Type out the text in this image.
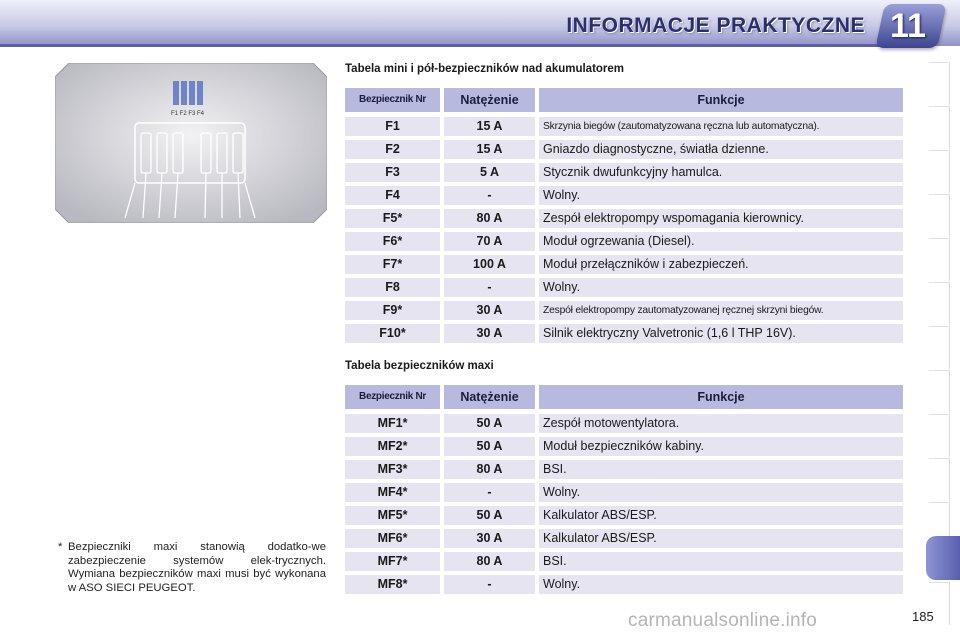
INFORMACJE PRAKTYCZNE 11
F1 F2 F3 F4
Tabela mini i pół-bezpieczników nad akumulatorem
Bezpiecznik Nr	Natężenie	Funkcje
F1	15 A	Skrzynia biegów (zautomatyzowana ręczna lub automatyczna).
F2	15 A	Gniazdo diagnostyczne, światła dzienne.
F3	5 A	Stycznik dwufunkcyjny hamulca.
F4	-	Wolny.
F5*	80 A	Zespół elektropompy wspomagania kierownicy.
F6*	70 A	Moduł ogrzewania (Diesel).
F7*	100 A	Moduł przełączników i zabezpieczeń.
F8	-	Wolny.
F9*	30 A	Zespół elektropompy zautomatyzowanej ręcznej skrzyni biegów.
F10*	30 A	Silnik elektryczny Valvetronic (1,6 l THP 16V).
Tabela bezpieczników maxi
Bezpiecznik Nr	Natężenie	Funkcje
MF1*	50 A	Zespół motowentylatora.
MF2*	50 A	Moduł bezpieczników kabiny.
MF3*	80 A	BSI.
MF4*	-	Wolny.
MF5*	50 A	Kalkulator ABS/ESP.
MF6*	30 A	Kalkulator ABS/ESP.
MF7*	80 A	BSI.
MF8*	-	Wolny.
* Bezpieczniki maxi stanowią dodatko-we zabezpieczenie systemów elek-trycznych. Wymiana bezpieczników maxi musi być wykonana w ASO SIECI PEUGEOT.
carmanualsonline.info	185
